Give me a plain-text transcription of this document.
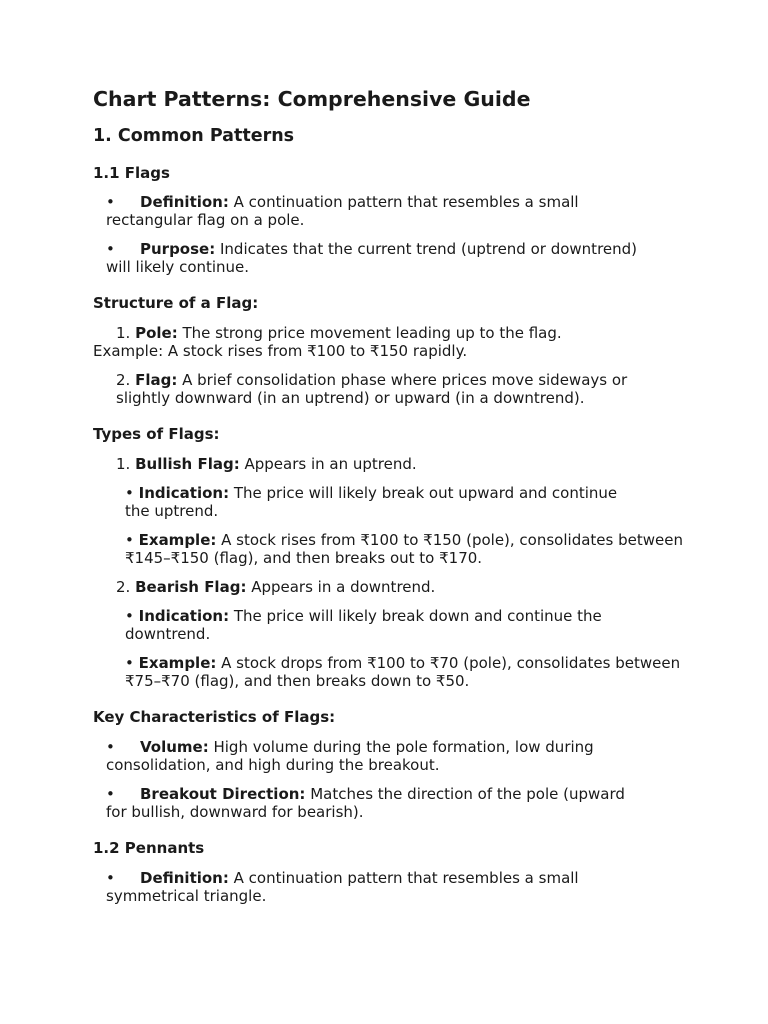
Chart Patterns: Comprehensive Guide
1. Common Patterns
1.1 Flags
• Definition: A continuation pattern that resembles a small rectangular flag on a pole.
• Purpose: Indicates that the current trend (uptrend or downtrend) will likely continue.
Structure of a Flag:
1. Pole: The strong price movement leading up to the flag.
Example: A stock rises from ₹100 to ₹150 rapidly.
2. Flag: A brief consolidation phase where prices move sideways or slightly downward (in an uptrend) or upward (in a downtrend).
Types of Flags:
1. Bullish Flag: Appears in an uptrend.
• Indication: The price will likely break out upward and continue the uptrend.
• Example: A stock rises from ₹100 to ₹150 (pole), consolidates between ₹145–₹150 (flag), and then breaks out to ₹170.
2. Bearish Flag: Appears in a downtrend.
• Indication: The price will likely break down and continue the downtrend.
• Example: A stock drops from ₹100 to ₹70 (pole), consolidates between ₹75–₹70 (flag), and then breaks down to ₹50.
Key Characteristics of Flags:
• Volume: High volume during the pole formation, low during consolidation, and high during the breakout.
• Breakout Direction: Matches the direction of the pole (upward for bullish, downward for bearish).
1.2 Pennants
• Definition: A continuation pattern that resembles a small symmetrical triangle.
